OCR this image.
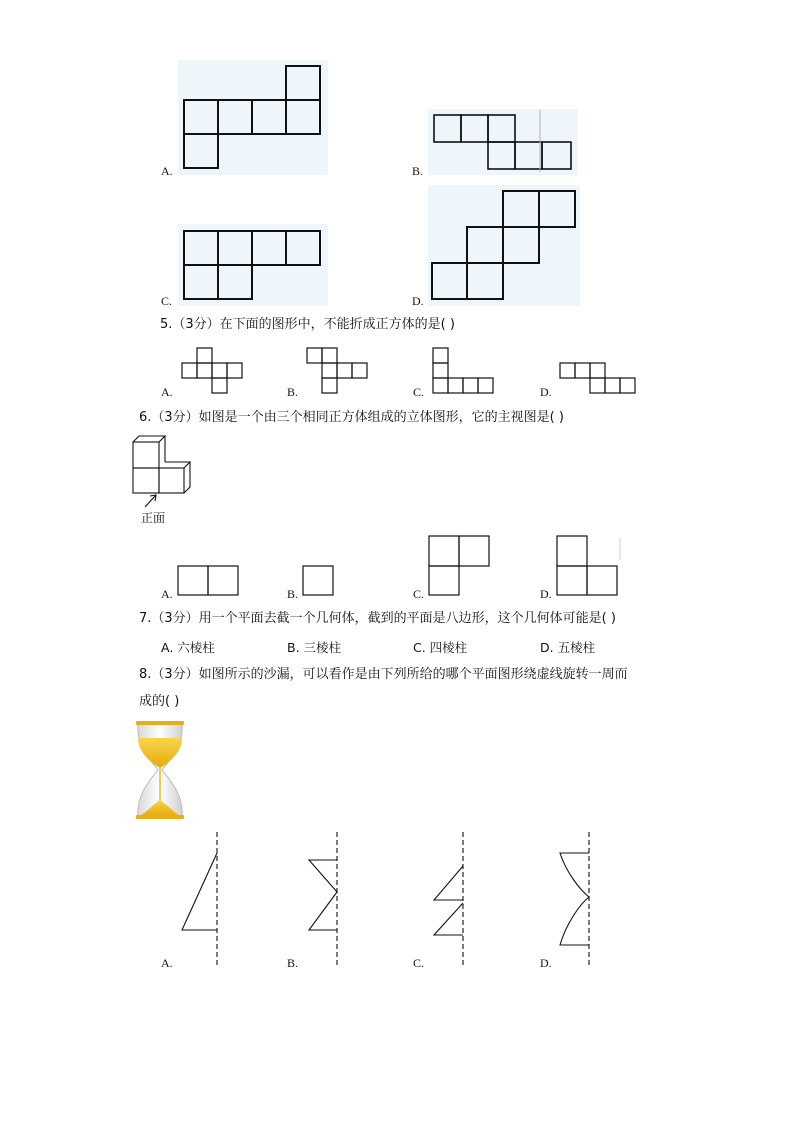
A.	B.
C.	D.
5.（3分）在下面的图形中，不能折成正方体的是( )
A.	B.	C.	D.
6.（3分）如图是一个由三个相同正方体组成的立体图形，它的主视图是( )
正面
A.	B.	C.	D.
7.（3分）用一个平面去截一个几何体，截到的平面是八边形，这个几何体可能是( )
A. 六棱柱	B. 三棱柱	C. 四棱柱	D. 五棱柱
8.（3分）如图所示的沙漏，可以看作是由下列所给的哪个平面图形绕虚线旋转一周而
成的( )
A.	B.	C.	D.
